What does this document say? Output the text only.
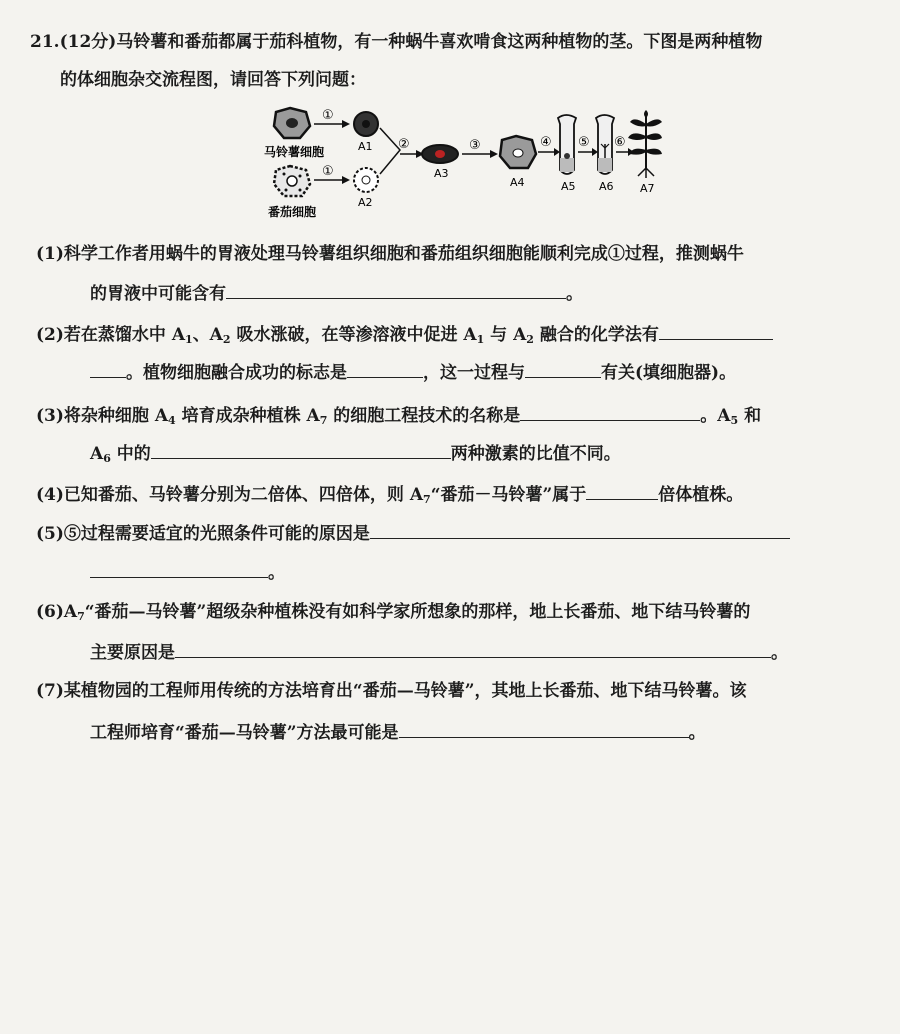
21.(12分)马铃薯和番茄都属于茄科植物，有一种蜗牛喜欢啃食这两种植物的茎。下图是两种植物
的体细胞杂交流程图，请回答下列问题：
马铃薯细胞
番茄细胞
①
①
A1
A2
②
A3
③
A4
④
A5
⑤
A6
⑥
A7
(1)科学工作者用蜗牛的胃液处理马铃薯组织细胞和番茄组织细胞能顺利完成①过程，推测蜗牛
的胃液中可能含有	。
(2)若在蒸馏水中 $A_1$、$A_2$ 吸水涨破，在等渗溶液中促进 $A_1$ 与 $A_2$ 融合的化学法有
。植物细胞融合成功的标志是	，这一过程与	有关(填细胞器)。
(3)将杂种细胞 $A_4$ 培育成杂种植株 $A_7$ 的细胞工程技术的名称是	。$A_5$ 和
$A_6$ 中的	两种激素的比值不同。
(4)已知番茄、马铃薯分别为二倍体、四倍体，则 $A_7“$番茄－马铃薯”属于	倍体植株。
(5)⑤过程需要适宜的光照条件可能的原因是
。
$(6)A_7“$番茄—马铃薯”超级杂种植株没有如科学家所想象的那样，地上长番茄、地下结马铃薯的
主要原因是	。
(7)某植物园的工程师用传统的方法培育出“番茄—马铃薯”，其地上长番茄、地下结马铃薯。该
工程师培育“番茄—马铃薯”方法最可能是	。
